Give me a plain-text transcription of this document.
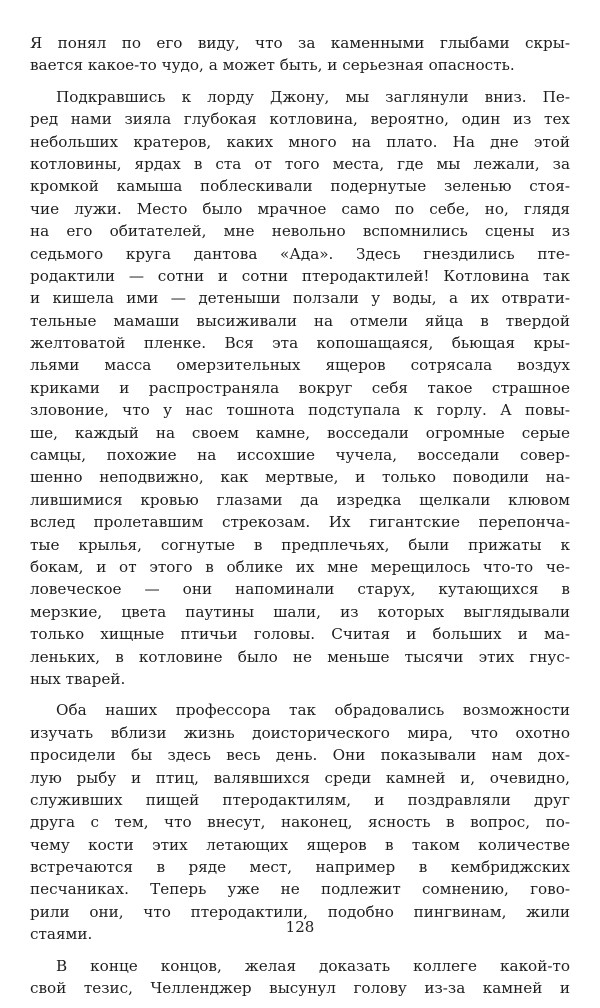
Я понял по его виду, что за каменными глыбами скры-
вается какое-то чудо, а может быть, и серьезная опасность.
Подкравшись к лорду Джону, мы заглянули вниз. Пе-
ред нами зияла глубокая котловина, вероятно, один из тех
небольших кратеров, каких много на плато. На дне этой
котловины, ярдах в ста от того места, где мы лежали, за
кромкой камыша поблескивали подернутые зеленью стоя-
чие лужи. Место было мрачное само по себе, но, глядя
на его обитателей, мне невольно вспомнились сцены из
седьмого круга дантова «Ада». Здесь гнездились пте-
родактили — сотни и сотни птеродактилей! Котловина так
и кишела ими — детеныши ползали у воды, а их отврати-
тельные мамаши высиживали на отмели яйца в твердой
желтоватой пленке. Вся эта копошащаяся, бьющая кры-
льями масса омерзительных ящеров сотрясала воздух
криками и распространяла вокруг себя такое страшное
зловоние, что у нас тошнота подступала к горлу. А повы-
ше, каждый на своем камне, восседали огромные серые
самцы, похожие на иссохшие чучела, восседали совер-
шенно неподвижно, как мертвые, и только поводили на-
лившимися кровью глазами да изредка щелкали клювом
вслед пролетавшим стрекозам. Их гигантские перепонча-
тые крылья, согнутые в предплечьях, были прижаты к
бокам, и от этого в облике их мне мерещилось что-то че-
ловеческое — они напоминали старух, кутающихся в
мерзкие, цвета паутины шали, из которых выглядывали
только хищные птичьи головы. Считая и больших и ма-
леньких, в котловине было не меньше тысячи этих гнус-
ных тварей.
Оба наших профессора так обрадовались возможности
изучать вблизи жизнь доисторического мира, что охотно
просидели бы здесь весь день. Они показывали нам дох-
лую рыбу и птиц, валявшихся среди камней и, очевидно,
служивших пищей птеродактилям, и поздравляли друг
друга с тем, что внесут, наконец, ясность в вопрос, по-
чему кости этих летающих ящеров в таком количестве
встречаются в ряде мест, например в кембриджских
песчаниках. Теперь уже не подлежит сомнению, гово-
рили они, что птеродактили, подобно пингвинам, жили
стаями.
В конце концов, желая доказать коллеге какой-то
свой тезис, Челленджер высунул голову из-за камней и
128
